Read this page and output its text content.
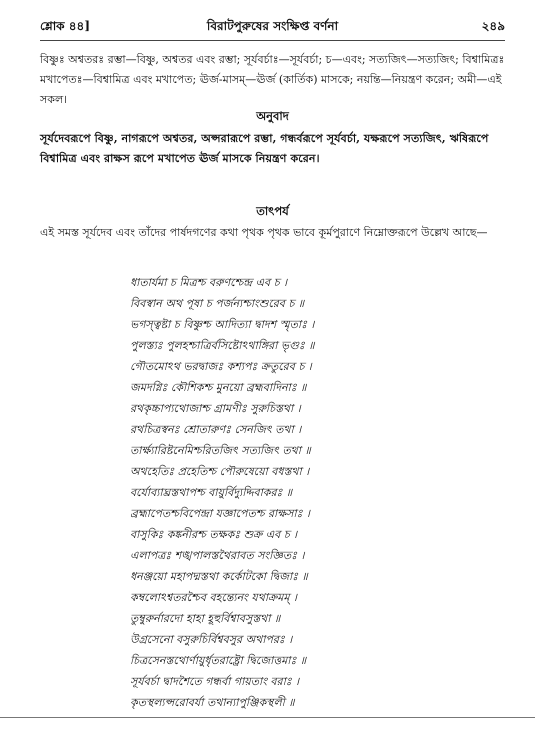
শ্লোক ৪৪]	বিরাটপুরুষের সংক্ষিপ্ত বর্ণনা	২৪৯
বিষ্ণুঃ অশ্বতরঃ রম্ভা—বিষ্ণু, অশ্বতর এবং রম্ভা; সূর্যবর্চাঃ—সূর্যবর্চা; চ—এবং; সত্যজিৎ—সত্যজিৎ; বিশ্বামিত্রঃ মখাপেতঃ—বিশ্বামিত্র এবং মখাপেত; ঊর্জ-মাসম্—ঊর্জ (কার্তিক) মাসকে; নয়ন্তি—নিয়ন্ত্রণ করেন; অমী—এই সকল।
অনুবাদ
সূর্যদেবরূপে বিষ্ণু, নাগরূপে অশ্বতর, অপ্সরারূপে রম্ভা, গন্ধর্বরূপে সূর্যবর্চা, যক্ষরূপে সত্যজিৎ, ঋষিরূপে বিশ্বামিত্র এবং রাক্ষস রূপে মখাপেত ঊর্জ মাসকে নিয়ন্ত্রণ করেন।
তাৎপর্য
এই সমস্ত সূর্যদেব এবং তাঁদের পার্ষদগণের কথা পৃথক পৃথক ভাবে কূর্মপুরাণে নিম্নোক্তরূপে উল্লেখ আছে—
ধাতার্যমা চ মিত্রশ্চ বরুণশ্চেন্দ্র এব চ ।
বিবস্বান অথ পূষা চ পর্জন্যশ্চাংশুরেব চ ॥
ভগস্ত্বষ্টা চ বিষ্ণুশ্চ আদিত্যা দ্বাদশ স্মৃতাঃ ।
পুলস্ত্যঃ পুলহশ্চাত্রির্বসিষ্টোঽথাঙ্গিরা ভৃগুঃ ॥
গৌতমোঽথ ভরদ্বাজঃ কশ্যপঃ ক্রতুরেব চ ।
জমদগ্নিঃ কৌশিকশ্চ মুনয়ো ব্রহ্মবাদিনাঃ ॥
রথকৃচ্চাপ্যথোজাশ্চ গ্রামণীঃ সুরুচিস্তথা ।
রথচিত্রস্বনঃ শ্রোতারুণঃ সেনজিৎ তথা ।
তার্ক্ষ্যারিষ্টনেমিশ্চরিতজিৎ সত্যজিৎ তথা ॥
অথহেতিঃ প্রহেতিশ্চ পৌরুষেয়ো বধস্তথা ।
বর্যোব্যাঘ্রস্তথাপশ্চ বায়ুর্বিদ্যুদ্দিবাকরঃ ॥
ব্রহ্মাপেতশ্চবিপেন্দ্রা যজ্ঞাপেতশ্চ রাক্ষসাঃ ।
বাসুকিঃ কঙ্কনীরশ্চ তক্ষকঃ শুক্র এব চ ।
এলাপত্রঃ শঙ্খপালস্তথৈরাবত সংজ্ঞিতঃ ।
ধনঞ্জয়ো মহাপদ্মস্তথা কর্কোটকো দ্বিজাঃ ॥
কম্বলোঽশ্বতরশ্চৈব বহন্ত্যেনং যথাক্রমম্ ।
তুম্বুরুর্নারদো হাহা হূহুর্বিশ্বাবসুস্তথা ॥
উগ্রসেনো বসুরুচির্বিশ্ববসুর অথাপরঃ ।
চিত্রসেনস্তথোর্ণায়ুর্ধৃতরাষ্ট্রো দ্বিজোত্তমাঃ ॥
সূর্যবর্চা দ্বাদশৈতে গন্ধর্বা গায়তাং বরাঃ ।
কৃতস্থল্যপ্সরোবর্যা তথান্যাপুঞ্জিকস্থলী ॥
